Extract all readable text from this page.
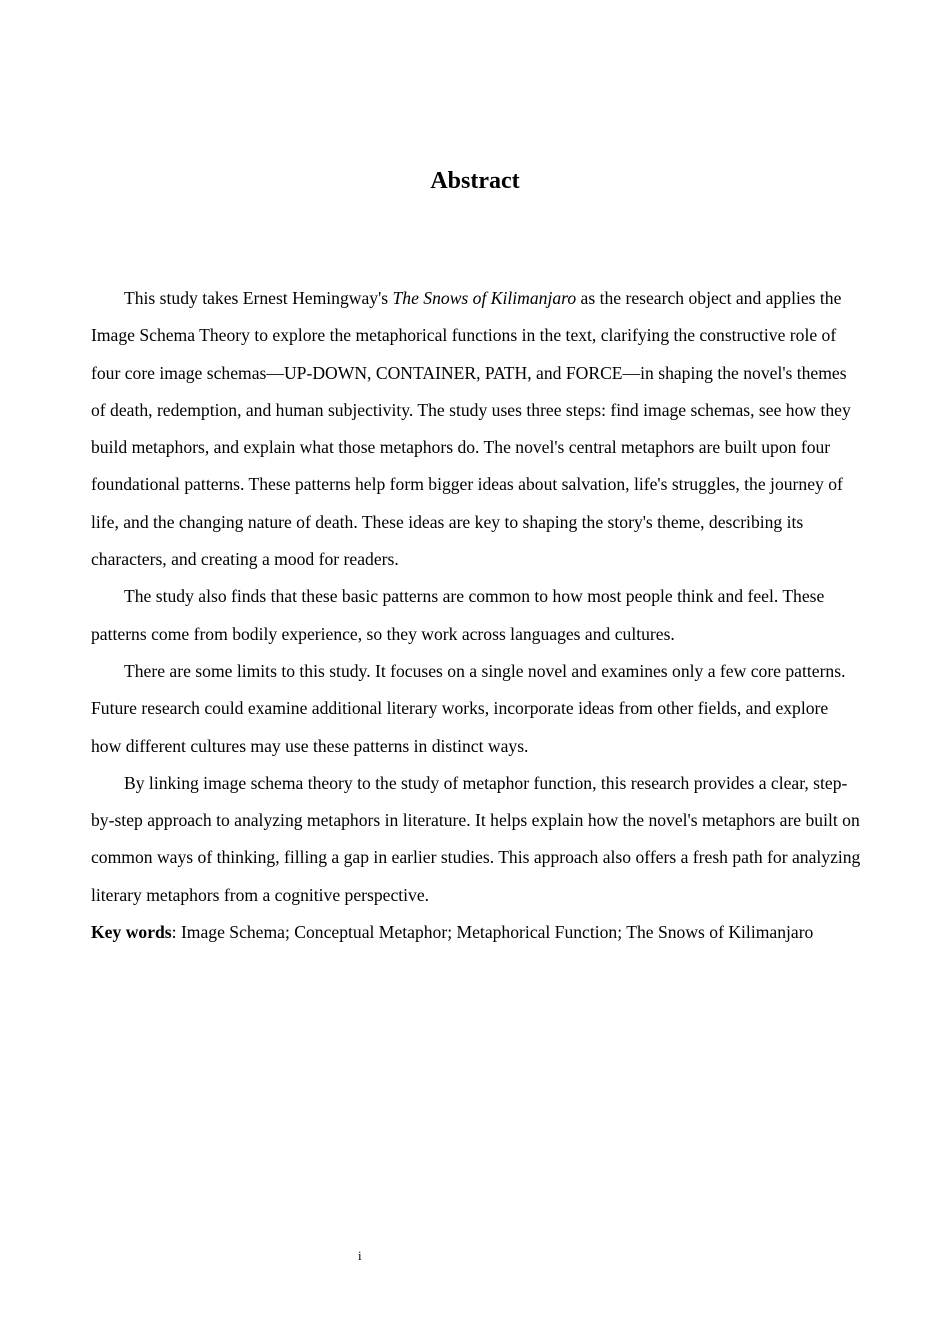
Abstract

This study takes Ernest Hemingway's The Snows of Kilimanjaro as the research object and applies the Image Schema Theory to explore the metaphorical functions in the text, clarifying the constructive role of four core image schemas—UP-DOWN, CONTAINER, PATH, and FORCE—in shaping the novel's themes of death, redemption, and human subjectivity. The study uses three steps: find image schemas, see how they build metaphors, and explain what those metaphors do. The novel's central metaphors are built upon four foundational patterns. These patterns help form bigger ideas about salvation, life's struggles, the journey of life, and the changing nature of death. These ideas are key to shaping the story's theme, describing its characters, and creating a mood for readers.

The study also finds that these basic patterns are common to how most people think and feel. These patterns come from bodily experience, so they work across languages and cultures.

There are some limits to this study. It focuses on a single novel and examines only a few core patterns. Future research could examine additional literary works, incorporate ideas from other fields, and explore how different cultures may use these patterns in distinct ways.

By linking image schema theory to the study of metaphor function, this research provides a clear, step-by-step approach to analyzing metaphors in literature. It helps explain how the novel's metaphors are built on common ways of thinking, filling a gap in earlier studies. This approach also offers a fresh path for analyzing literary metaphors from a cognitive perspective.

Key words: Image Schema; Conceptual Metaphor; Metaphorical Function; The Snows of Kilimanjaro

i
